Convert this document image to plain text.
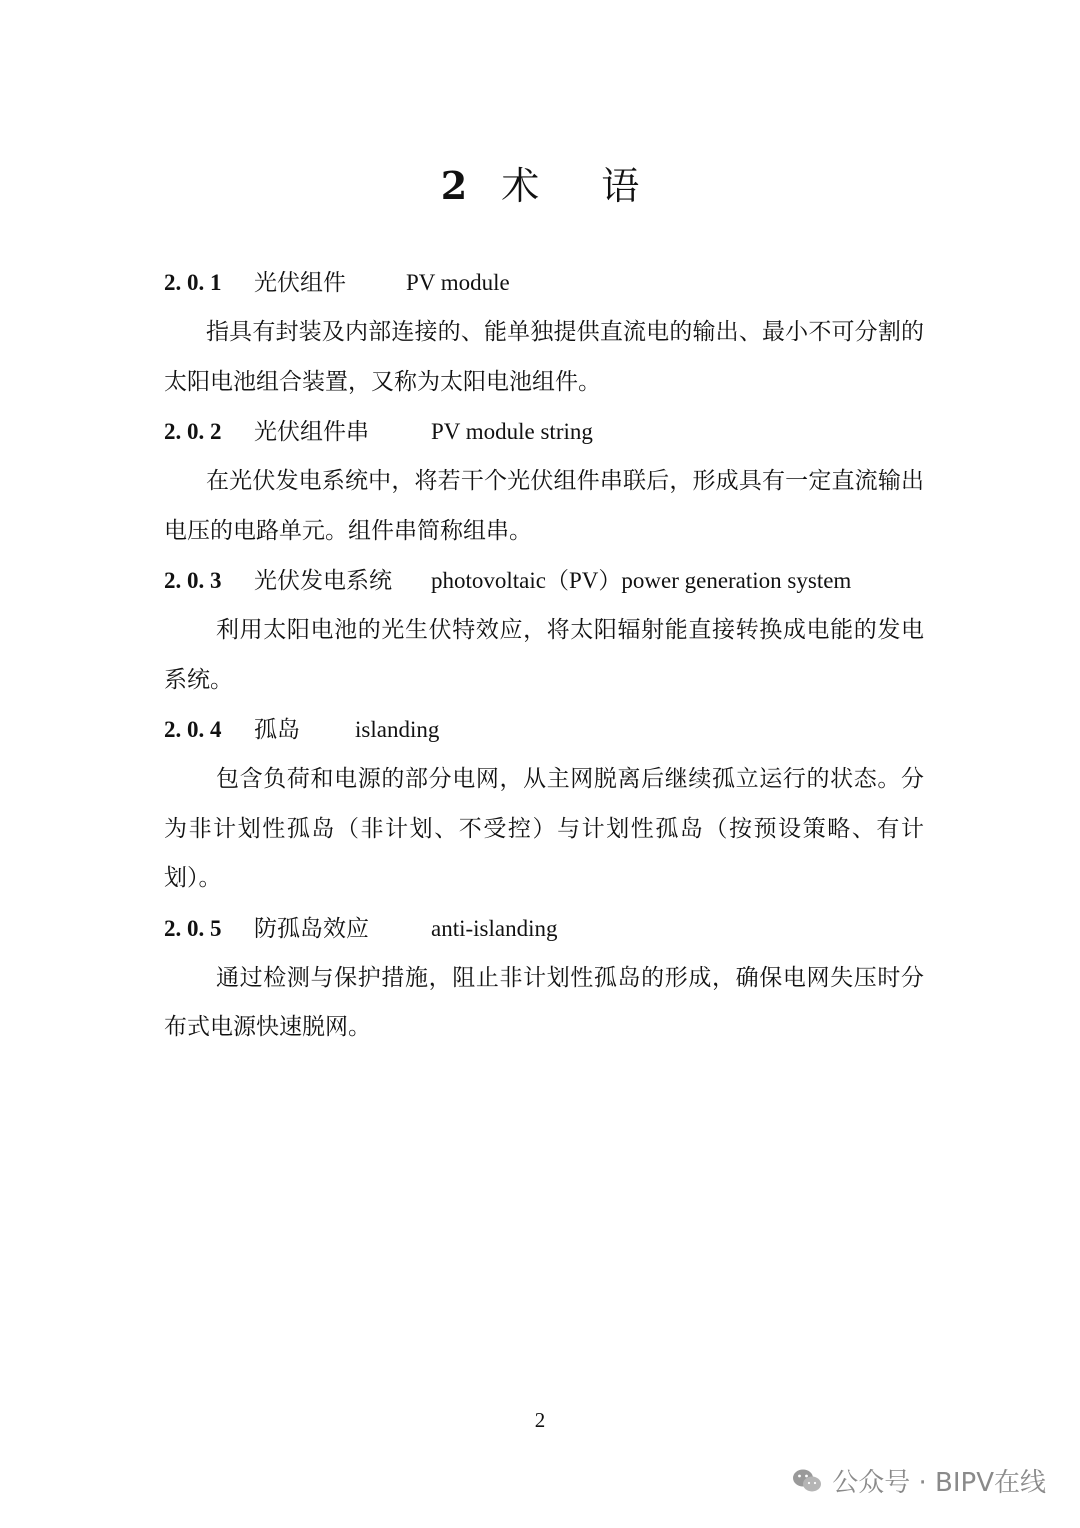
2 术 语
2. 0. 1 光伏组件	PV module

指具有封装及内部连接的、能单独提供直流电的输出、最小不可分割的太阳电池组合装置，又称为太阳电池组件。

2. 0. 2 光伏组件串	PV module string

在光伏发电系统中，将若干个光伏组件串联后，形成具有一定直流输出电压的电路单元。组件串简称组串。

2. 0. 3 光伏发电系统 photovoltaic（PV）power generation system

利用太阳电池的光生伏特效应，将太阳辐射能直接转换成电能的发电系统。

2. 0. 4 孤岛 islanding

包含负荷和电源的部分电网，从主网脱离后继续孤立运行的状态。分为非计划性孤岛（非计划、不受控）与计划性孤岛（按预设策略、有计划）。

2. 0. 5 防孤岛效应	anti-islanding

通过检测与保护措施，阻止非计划性孤岛的形成，确保电网失压时分布式电源快速脱网。

2
公众号 · BIPV在线
